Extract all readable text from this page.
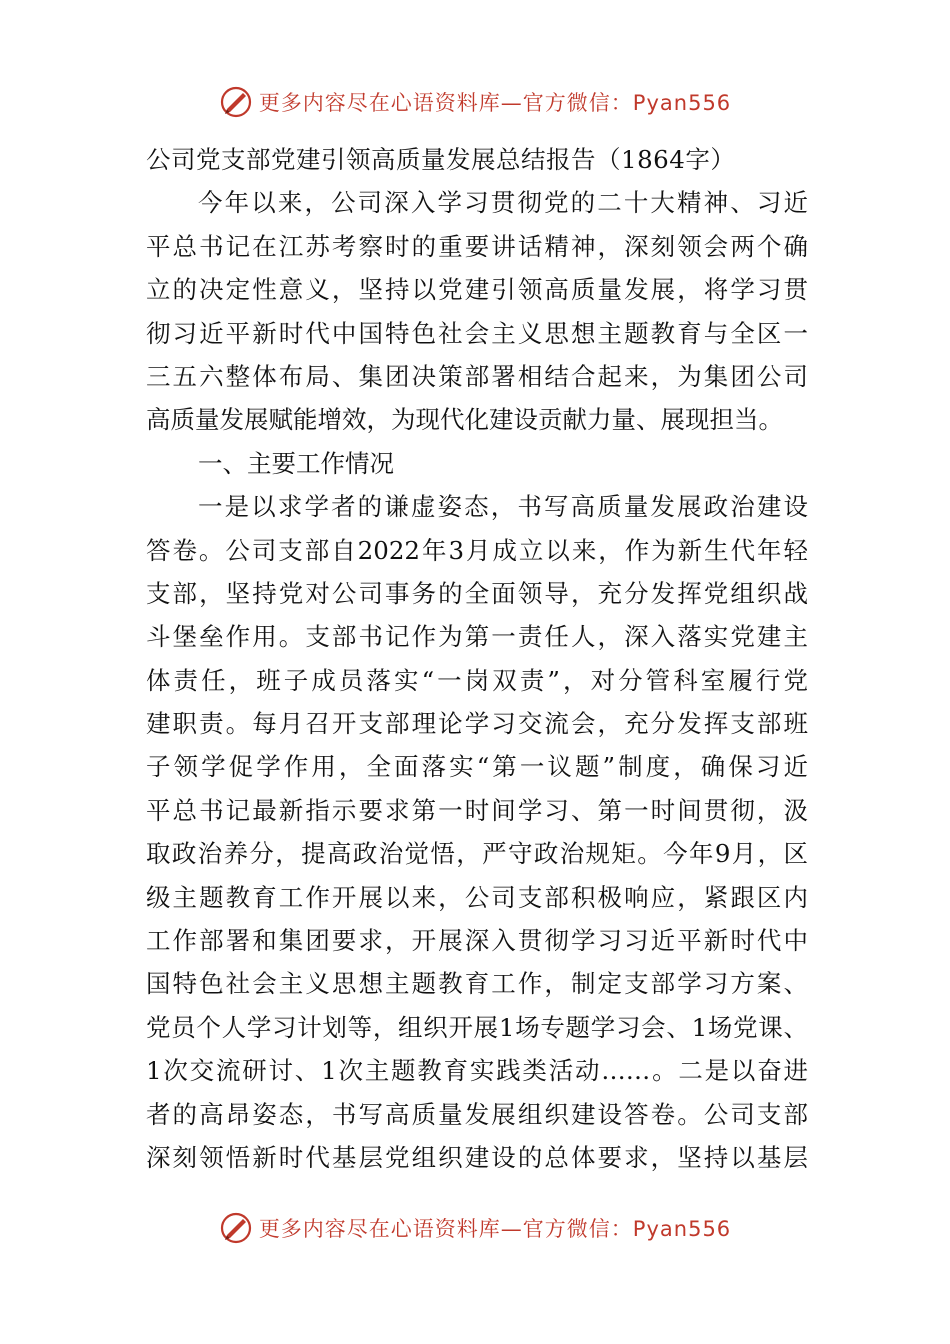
更多内容尽在心语资料库—官方微信：Pyan556
公司党支部党建引领高质量发展总结报告（1864字）
今年以来，公司深入学习贯彻党的二十大精神、习近
平总书记在江苏考察时的重要讲话精神，深刻领会两个确
立的决定性意义，坚持以党建引领高质量发展，将学习贯
彻习近平新时代中国特色社会主义思想主题教育与全区一
三五六整体布局、集团决策部署相结合起来，为集团公司
高质量发展赋能增效，为现代化建设贡献力量、展现担当。
一、主要工作情况
一是以求学者的谦虚姿态，书写高质量发展政治建设
答卷。公司支部自2022年3月成立以来，作为新生代年轻
支部，坚持党对公司事务的全面领导，充分发挥党组织战
斗堡垒作用。支部书记作为第一责任人，深入落实党建主
体责任，班子成员落实“一岗双责”，对分管科室履行党
建职责。每月召开支部理论学习交流会，充分发挥支部班
子领学促学作用，全面落实“第一议题”制度，确保习近
平总书记最新指示要求第一时间学习、第一时间贯彻，汲
取政治养分，提高政治觉悟，严守政治规矩。今年9月，区
级主题教育工作开展以来，公司支部积极响应，紧跟区内
工作部署和集团要求，开展深入贯彻学习习近平新时代中
国特色社会主义思想主题教育工作，制定支部学习方案、
党员个人学习计划等，组织开展1场专题学习会、1场党课、
1次交流研讨、1次主题教育实践类活动……。二是以奋进
者的高昂姿态，书写高质量发展组织建设答卷。公司支部
深刻领悟新时代基层党组织建设的总体要求，坚持以基层
更多内容尽在心语资料库—官方微信：Pyan556
